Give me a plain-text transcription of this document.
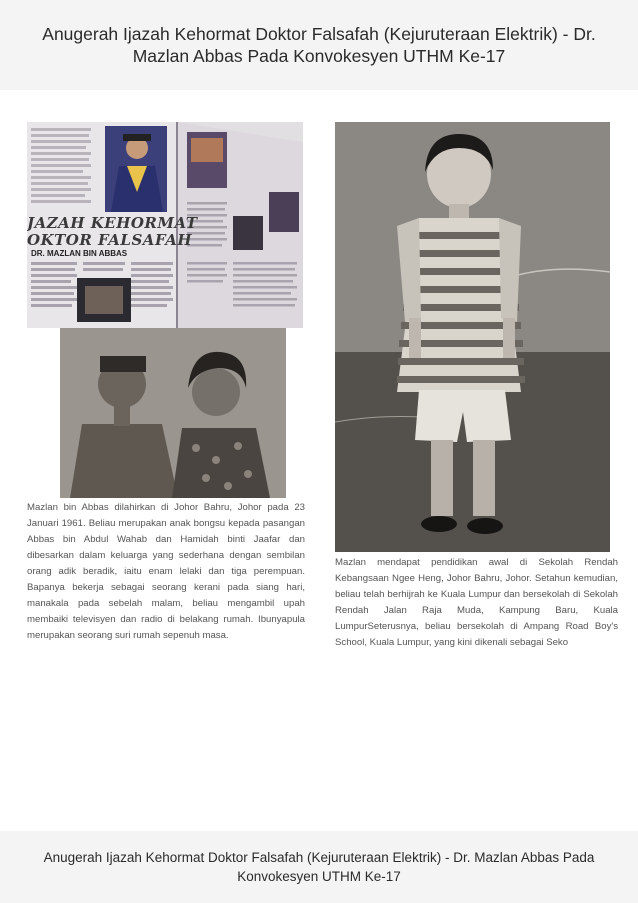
Anugerah Ijazah Kehormat Doktor Falsafah (Kejuruteraan Elektrik) - Dr. Mazlan Abbas Pada Konvokesyen UTHM Ke-17
JAZAH KEHORMAT
OKTOR FALSAFAH
DR. MAZLAN BIN ABBAS
Mazlan bin Abbas dilahirkan di Johor Bahru, Johor pada 23 Januari 1961. Beliau merupakan anak bongsu kepada pasangan Abbas bin Abdul Wahab dan Hamidah binti Jaafar dan dibesarkan dalam keluarga yang sederhana dengan sembilan orang adik beradik, iaitu enam lelaki dan tiga perempuan. Bapanya bekerja sebagai seorang kerani pada siang hari, manakala pada sebelah malam, beliau mengambil upah membaiki televisyen dan radio di belakang rumah. Ibunyapula merupakan seorang suri rumah sepenuh masa.
Mazlan mendapat pendidikan awal di Sekolah Rendah Kebangsaan Ngee Heng, Johor Bahru, Johor. Setahun kemudian, beliau telah berhijrah ke Kuala Lumpur dan bersekolah di Sekolah Rendah Jalan Raja Muda, Kampung Baru, Kuala LumpurSeterusnya, beliau bersekolah di Ampang Road Boy's School, Kuala Lumpur, yang kini dikenali sebagai Seko
Anugerah Ijazah Kehormat Doktor Falsafah (Kejuruteraan Elektrik) - Dr. Mazlan Abbas Pada Konvokesyen UTHM Ke-17
